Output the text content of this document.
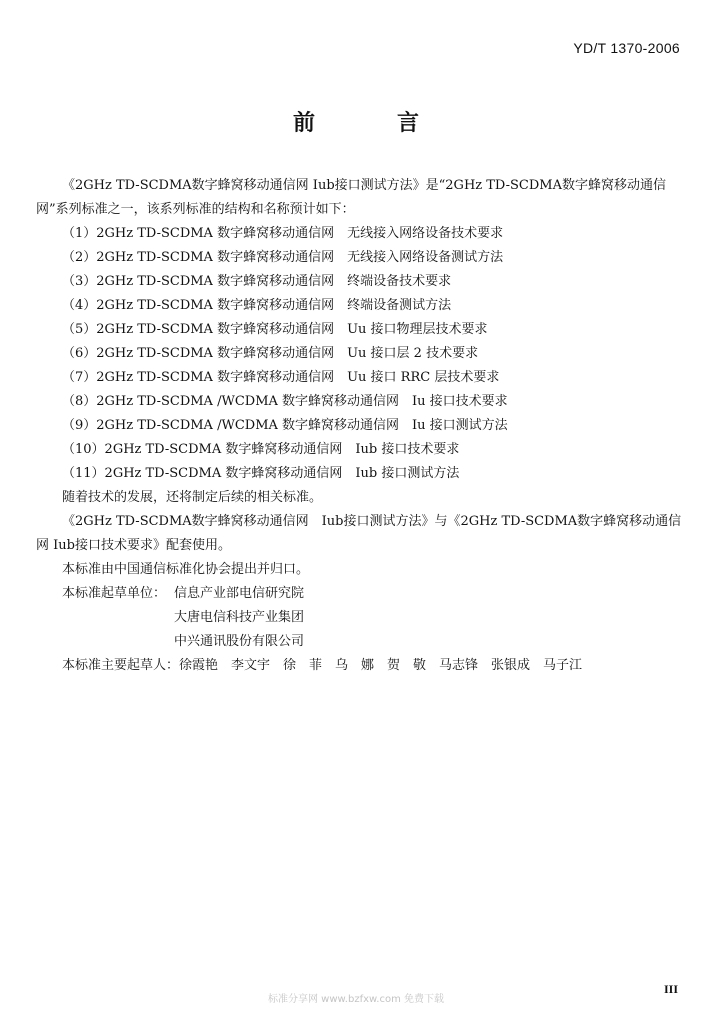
YD/T 1370-2006
前　言

《2GHz TD-SCDMA数字蜂窝移动通信网 Iub接口测试方法》是“2GHz TD-SCDMA数字蜂窝移动通信网”系列标准之一，该系列标准的结构和名称预计如下：

（1）2GHz TD-SCDMA 数字蜂窝移动通信网　无线接入网络设备技术要求
（2）2GHz TD-SCDMA 数字蜂窝移动通信网　无线接入网络设备测试方法
（3）2GHz TD-SCDMA 数字蜂窝移动通信网　终端设备技术要求
（4）2GHz TD-SCDMA 数字蜂窝移动通信网　终端设备测试方法
（5）2GHz TD-SCDMA 数字蜂窝移动通信网　Uu 接口物理层技术要求
（6）2GHz TD-SCDMA 数字蜂窝移动通信网　Uu 接口层 2 技术要求
（7）2GHz TD-SCDMA 数字蜂窝移动通信网　Uu 接口 RRC 层技术要求
（8）2GHz TD-SCDMA /WCDMA 数字蜂窝移动通信网　Iu 接口技术要求
（9）2GHz TD-SCDMA /WCDMA 数字蜂窝移动通信网　Iu 接口测试方法
（10）2GHz TD-SCDMA 数字蜂窝移动通信网　Iub 接口技术要求
（11）2GHz TD-SCDMA 数字蜂窝移动通信网　Iub 接口测试方法

随着技术的发展，还将制定后续的相关标准。

《2GHz TD-SCDMA数字蜂窝移动通信网　Iub接口测试方法》与《2GHz TD-SCDMA数字蜂窝移动通信网 Iub接口技术要求》配套使用。

本标准由中国通信标准化协会提出并归口。

本标准起草单位： 信息产业部电信研究院
大唐电信科技产业集团
中兴通讯股份有限公司

本标准主要起草人：徐霞艳　李文宇　徐　菲　乌　娜　贺　敬　马志锋　张银成　马子江

III
标准分享网 www.bzfxw.com 免费下载
